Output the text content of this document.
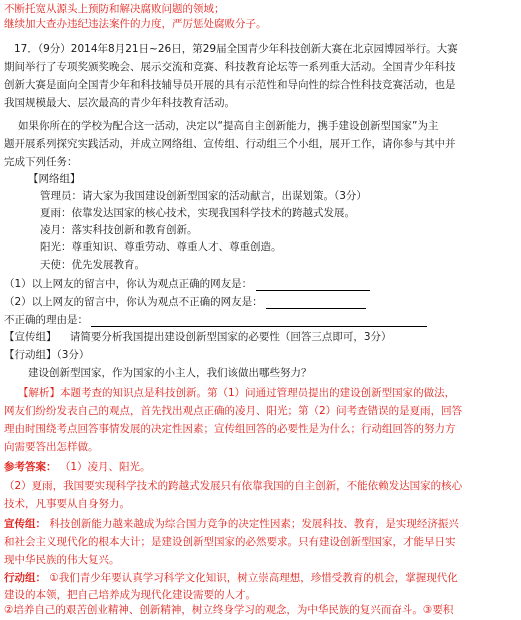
不断托宽从源头上预防和解决腐败问题的领域；
继续加大查办违纪违法案件的力度，严厉惩处腐败分子。
17．（9分）2014年8月21日~26日，第29届全国青少年科技创新大赛在北京园博园举行。大赛
期间举行了专项奖颁奖晚会、展示交流和竞赛、科技教育论坛等一系列重大活动。全国青少年科技
创新大赛是面向全国青少年和科技辅导员开展的具有示范性和导向性的综合性科技竞赛活动，也是
我国规模最大、层次最高的青少年科技教育活动。
如果你所在的学校为配合这一活动，决定以“提高自主创新能力，携手建设创新型国家”为主
题开展系列探究实践活动，并成立网络组、宣传组、行动组三个小组，展开工作，请你参与其中并
完成下列任务：
【网络组】
管理员：请大家为我国建设创新型国家的活动献言，出谋划策。（3分）
夏雨：依靠发达国家的核心技术，实现我国科学技术的跨越式发展。
凌月：落实科技创新和教育创新。
阳光：尊重知识、尊重劳动、尊重人才、尊重创造。
天使：优先发展教育。
（1）以上网友的留言中，你认为观点正确的网友是：
（2）以上网友的留言中，你认为观点不正确的网友是：
不正确的理由是：
【宣传组】 请简要分析我国提出建设创新型国家的必要性（回答三点即可，3分）
【行动组】（3分）
建设创新型国家，作为国家的小主人，我们该做出哪些努力？
【解析】本题考查的知识点是科技创新。第（1）问通过管理员提出的建设创新型国家的做法，
网友们纷纷发表自己的观点，首先找出观点正确的凌月、阳光；第（2）问考查错误的是夏雨，回答
理由时围绕考点回答事情发展的决定性因素；宣传组回答的必要性是为什么；行动组回答的努力方
向需要答出怎样做。
参考答案： （1）凌月、阳光。
（2）夏雨，我国要实现科学技术的跨越式发展只有依靠我国的自主创新，不能依赖发达国家的核心
技术，凡事要从自身努力。
宣传组： 科技创新能力越来越成为综合国力竞争的决定性因素；发展科技、教育，是实现经济振兴
和社会主义现代化的根本大计；是建设创新型国家的必然要求。只有建设创新型国家，才能早日实
现中华民族的伟大复兴。
行动组： ①我们青少年要认真学习科学文化知识，树立崇高理想，珍惜受教育的机会，掌握现代化
建设的本领，把自己培养成为现代化建设需要的人才。
②培养自己的艰苦创业精神、创新精神，树立终身学习的观念，为中华民族的复兴而奋斗。③要积
